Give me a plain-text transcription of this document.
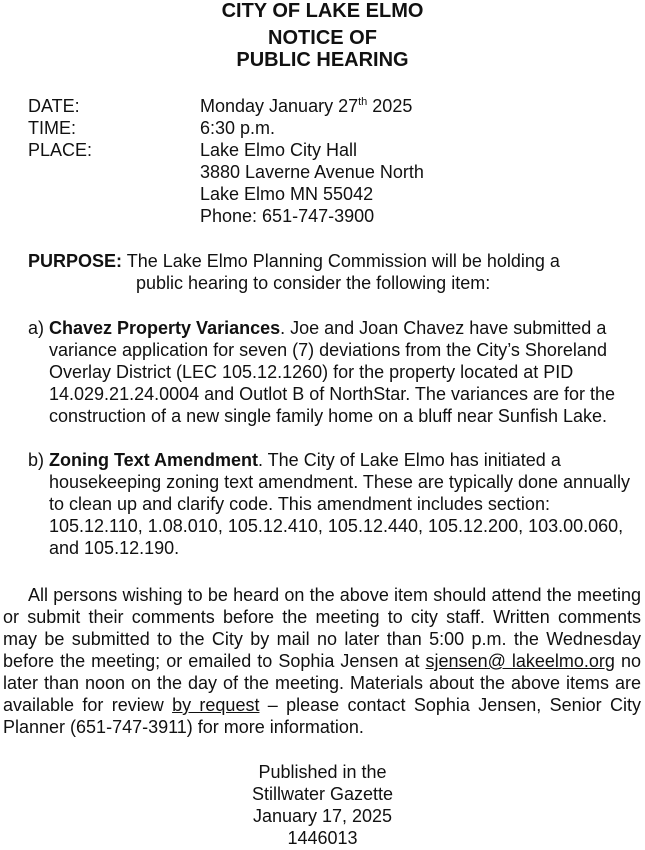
CITY OF LAKE ELMO
NOTICE OF
PUBLIC HEARING
DATE:	Monday January 27th 2025
TIME:	6:30 p.m.
PLACE:	Lake Elmo City Hall
3880 Laverne Avenue North
Lake Elmo MN 55042
Phone: 651-747-3900
PURPOSE: The Lake Elmo Planning Commission will be holding a
public hearing to consider the following item:
a) Chavez Property Variances. Joe and Joan Chavez have submitted a variance application for seven (7) deviations from the City’s Shoreland Overlay District (LEC 105.12.1260) for the property located at PID 14.029.21.24.0004 and Outlot B of NorthStar. The variances are for the construction of a new single family home on a bluff near Sunfish Lake.
b) Zoning Text Amendment. The City of Lake Elmo has initiated a housekeeping zoning text amendment. These are typically done annually to clean up and clarify code. This amendment includes section: 105.12.110, 1.08.010, 105.12.410, 105.12.440, 105.12.200, 103.00.060, and 105.12.190.
All persons wishing to be heard on the above item should attend the meeting or submit their comments before the meeting to city staff. Written comments may be submitted to the City by mail no later than 5:00 p.m. the Wednesday before the meeting; or emailed to Sophia Jensen at sjensen@ lakeelmo.org no later than noon on the day of the meeting. Materials about the above items are available for review by request – please contact Sophia Jensen, Senior City Planner (651-747-3911) for more information.
Published in the
Stillwater Gazette
January 17, 2025
1446013
